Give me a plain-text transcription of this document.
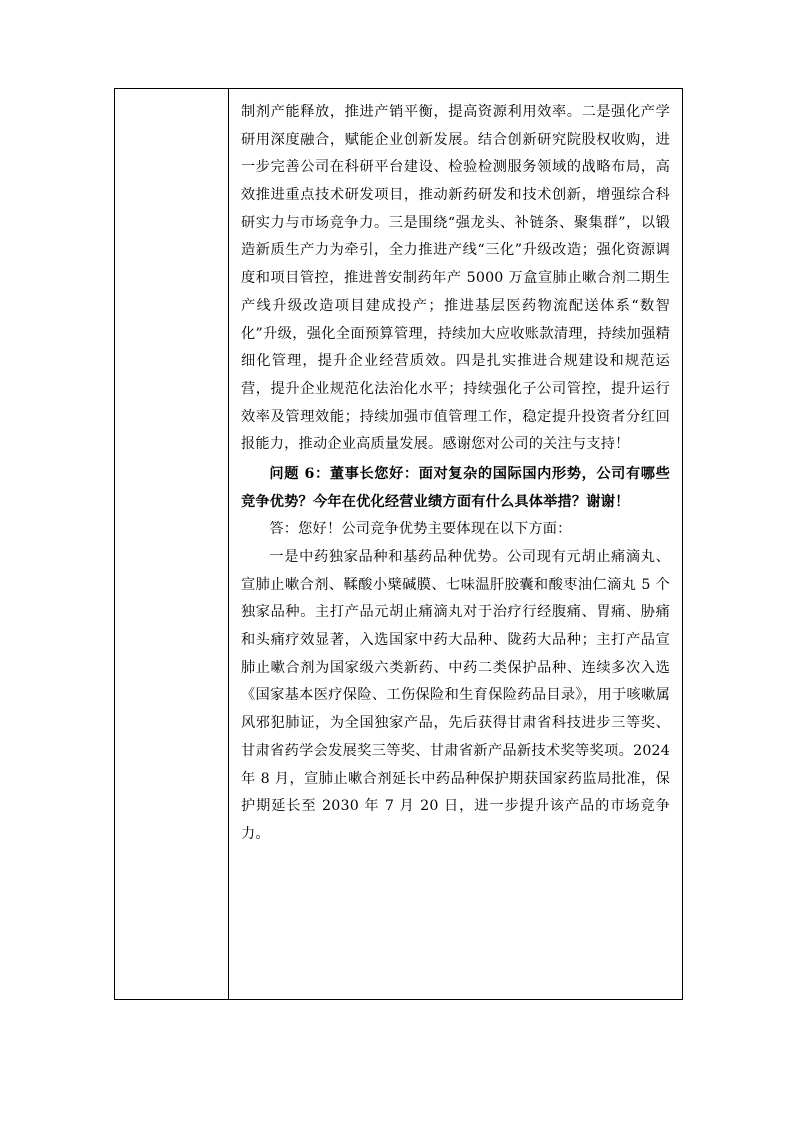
制剂产能释放，推进产销平衡，提高资源利用效率。二是强化产学研用深度融合，赋能企业创新发展。结合创新研究院股权收购，进一步完善公司在科研平台建设、检验检测服务领域的战略布局，高效推进重点技术研发项目，推动新药研发和技术创新，增强综合科研实力与市场竞争力。三是围绕“强龙头、补链条、聚集群”，以锻造新质生产力为牵引，全力推进产线“三化”升级改造；强化资源调度和项目管控，推进普安制药年产 5000 万盒宣肺止嗽合剂二期生产线升级改造项目建成投产；推进基层医药物流配送体系“数智化”升级，强化全面预算管理，持续加大应收账款清理，持续加强精细化管理，提升企业经营质效。四是扎实推进合规建设和规范运营，提升企业规范化法治化水平；持续强化子公司管控，提升运行效率及管理效能；持续加强市值管理工作，稳定提升投资者分红回报能力，推动企业高质量发展。感谢您对公司的关注与支持！

问题 6：董事长您好：面对复杂的国际国内形势，公司有哪些竞争优势？今年在优化经营业绩方面有什么具体举措？谢谢！

答：您好！公司竞争优势主要体现在以下方面：

一是中药独家品种和基药品种优势。公司现有元胡止痛滴丸、宣肺止嗽合剂、鞣酸小檗碱膜、七味温肝胶囊和酸枣油仁滴丸 5 个独家品种。主打产品元胡止痛滴丸对于治疗行经腹痛、胃痛、胁痛和头痛疗效显著，入选国家中药大品种、陇药大品种；主打产品宣肺止嗽合剂为国家级六类新药、中药二类保护品种、连续多次入选《国家基本医疗保险、工伤保险和生育保险药品目录》，用于咳嗽属风邪犯肺证，为全国独家产品，先后获得甘肃省科技进步三等奖、甘肃省药学会发展奖三等奖、甘肃省新产品新技术奖等奖项。2024 年 8 月，宣肺止嗽合剂延长中药品种保护期获国家药监局批准，保护期延长至 2030 年 7 月 20 日，进一步提升该产品的市场竞争力。
